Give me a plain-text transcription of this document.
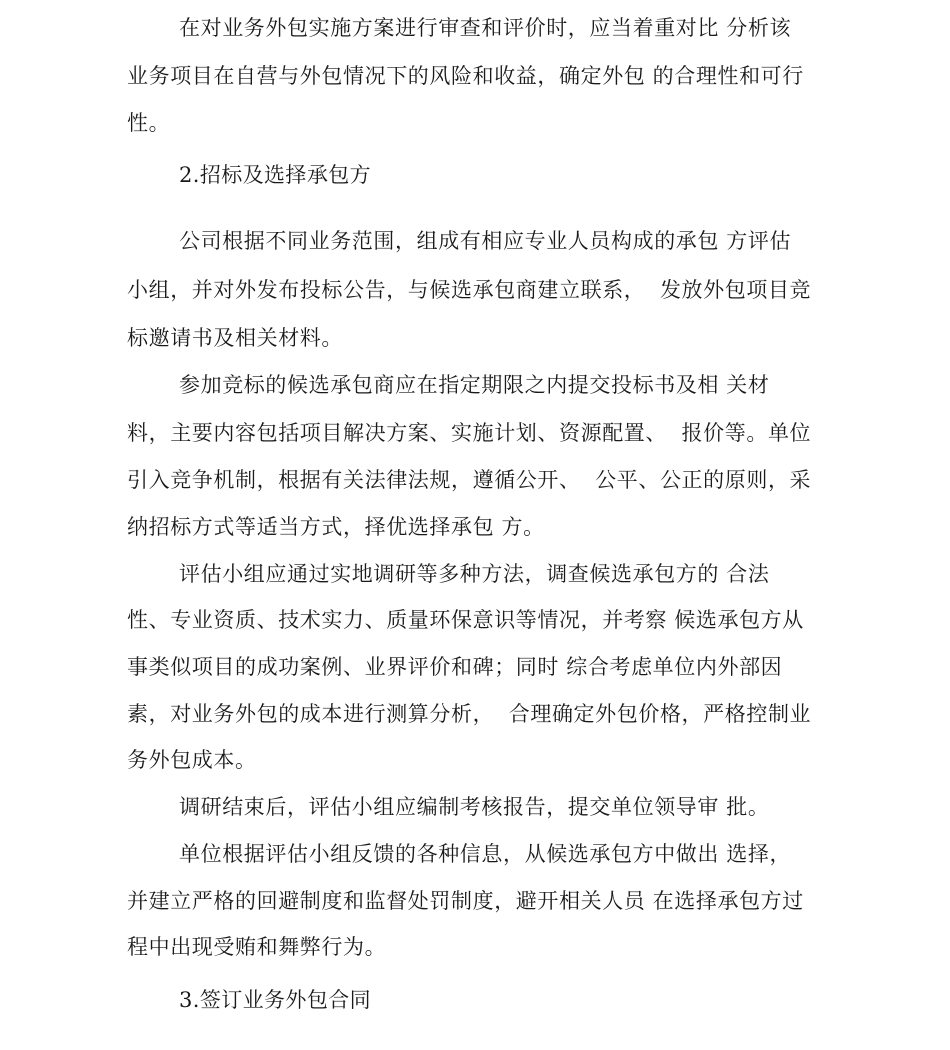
在对业务外包实施方案进行审查和评价时，应当着重对比 分析该
业务项目在自营与外包情况下的风险和收益，确定外包 的合理性和可行
性。
2.招标及选择承包方
公司根据不同业务范围，组成有相应专业人员构成的承包 方评估
小组，并对外发布投标公告，与候选承包商建立联系，  发放外包项目竞
标邀请书及相关材料。
参加竞标的候选承包商应在指定期限之内提交投标书及相 关材
料，主要内容包括项目解决方案、实施计划、资源配置、  报价等。单位
引入竞争机制，根据有关法律法规，遵循公开、  公平、公正的原则，采
纳招标方式等适当方式，择优选择承包 方。
评估小组应通过实地调研等多种方法，调查候选承包方的 合法
性、专业资质、技术实力、质量环保意识等情况，并考察 候选承包方从
事类似项目的成功案例、业界评价和碑；同时 综合考虑单位内外部因
素，对业务外包的成本进行测算分析，  合理确定外包价格，严格控制业
务外包成本。
调研结束后，评估小组应编制考核报告，提交单位领导审 批。
单位根据评估小组反馈的各种信息，从候选承包方中做出 选择，
并建立严格的回避制度和监督处罚制度，避开相关人员 在选择承包方过
程中出现受贿和舞弊行为。
3.签订业务外包合同
